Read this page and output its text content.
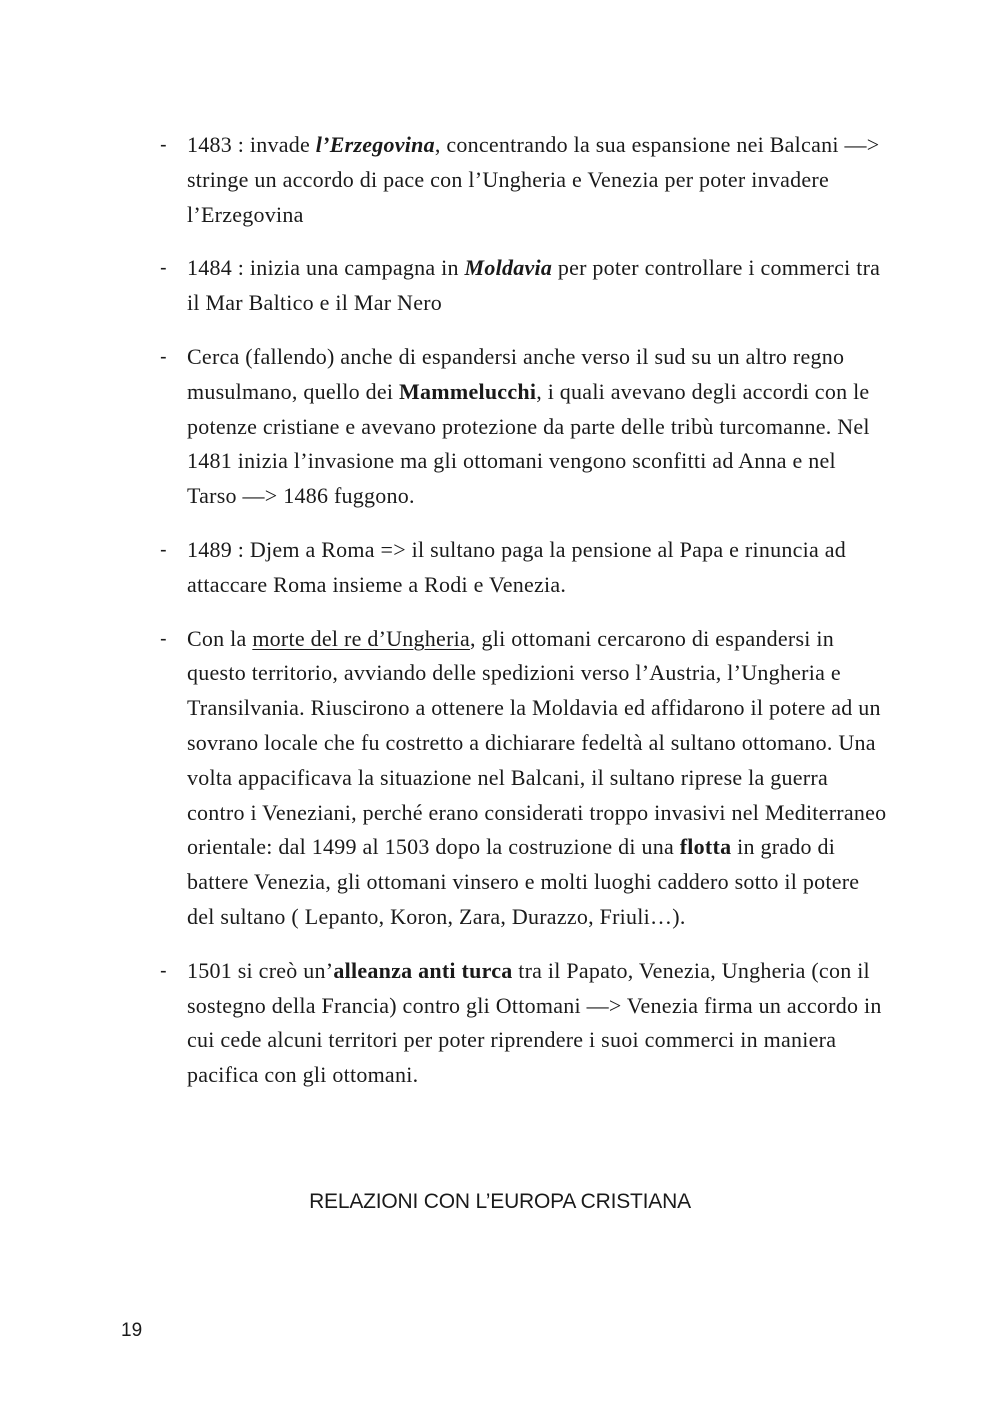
- 1483 : invade l’Erzegovina, concentrando la sua espansione nei Balcani —> stringe un accordo di pace con l’Ungheria e Venezia per poter invadere l’Erzegovina
- 1484 : inizia una campagna in Moldavia per poter controllare i commerci tra il Mar Baltico e il Mar Nero
- Cerca (fallendo) anche di espandersi anche verso il sud su un altro regno musulmano, quello dei Mammelucchi, i quali avevano degli accordi con le potenze cristiane e avevano protezione da parte delle tribù turcomanne. Nel 1481 inizia l’invasione ma gli ottomani vengono sconfitti ad Anna e nel Tarso —> 1486 fuggono.
- 1489 : Djem a Roma => il sultano paga la pensione al Papa e rinuncia ad attaccare Roma insieme a Rodi e Venezia.
- Con la morte del re d’Ungheria, gli ottomani cercarono di espandersi in questo territorio, avviando delle spedizioni verso l’Austria, l’Ungheria e Transilvania. Riuscirono a ottenere la Moldavia ed affidarono il potere ad un sovrano locale che fu costretto a dichiarare fedeltà al sultano ottomano. Una volta appacificava la situazione nel Balcani, il sultano riprese la guerra contro i Veneziani, perché erano considerati troppo invasivi nel Mediterraneo orientale: dal 1499 al 1503 dopo la costruzione di una flotta in grado di battere Venezia, gli ottomani vinsero e molti luoghi caddero sotto il potere del sultano ( Lepanto, Koron, Zara, Durazzo, Friuli…).
- 1501 si creò un’alleanza anti turca tra il Papato, Venezia, Ungheria (con il sostegno della Francia) contro gli Ottomani —> Venezia firma un accordo in cui cede alcuni territori per poter riprendere i suoi commerci in maniera pacifica con gli ottomani.
RELAZIONI CON L’EUROPA CRISTIANA
19
